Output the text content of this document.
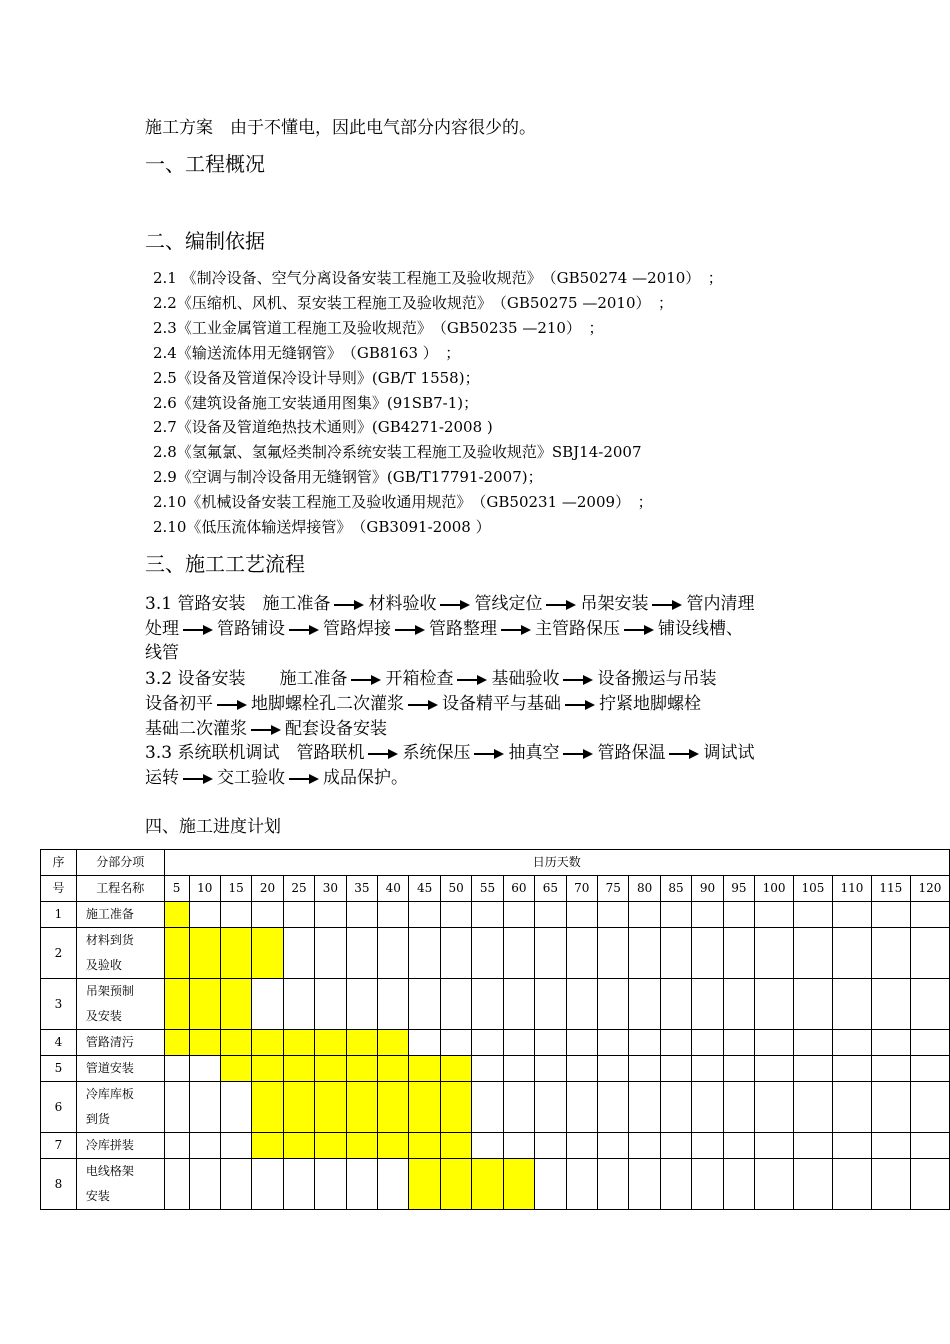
施工方案　由于不懂电，因此电气部分内容很少的。
一、工程概况
二、编制依据
2.1 《制冷设备、空气分离设备安装工程施工及验收规范》　（GB50274 —2010）　；
2.2《压缩机、风机、泵安装工程施工及验收规范》　（GB50275 —2010）　；
2.3《工业金属管道工程施工及验收规范》　（GB50235 —210）　；
2.4《输送流体用无缝钢管》　（GB8163 ）　；
2.5《设备及管道保冷设计导则》(GB/T 1558)；
2.6《建筑设备施工安装通用图集》(91SB7-1)；
2.7《设备及管道绝热技术通则》(GB4271-2008 )
2.8《氢氟氯、氢氟烃类制冷系统安装工程施工及验收规范》SBJ14-2007
2.9《空调与制冷设备用无缝钢管》(GB/T17791-2007)；
2.10《机械设备安装工程施工及验收通用规范》　（GB50231 —2009）　；
2.10《低压流体输送焊接管》　（GB3091-2008 ）
三、施工工艺流程
3.1 管路安装　施工准备 材料验收 管线定位 吊架安装 管内清理
处理 管路铺设 管路焊接 管路整理 主管路保压 铺设线槽、
线管
3.2 设备安装　　施工准备 开箱检查 基础验收 设备搬运与吊装
设备初平 地脚螺栓孔二次灌浆 设备精平与基础 拧紧地脚螺栓
基础二次灌浆 配套设备安装
3.3 系统联机调试　管路联机 系统保压 抽真空 管路保温 调试试
运转 交工验收 成品保护。
四、施工进度计划
序	分部分项	日历天数																							
号	工程名称	5	10	15	20	25	30	35	40	45	50	55	60	65	70	75	80	85	90	95	100	105	110	115	120
1	施工准备																								

2	材料到货
及验收																								

3	吊架预制
及安装																								

4	管路清污																								

5	管道安装																								

6	冷库库板
到货																								

7	冷库拼装																								

8	电线格架
安装																								
